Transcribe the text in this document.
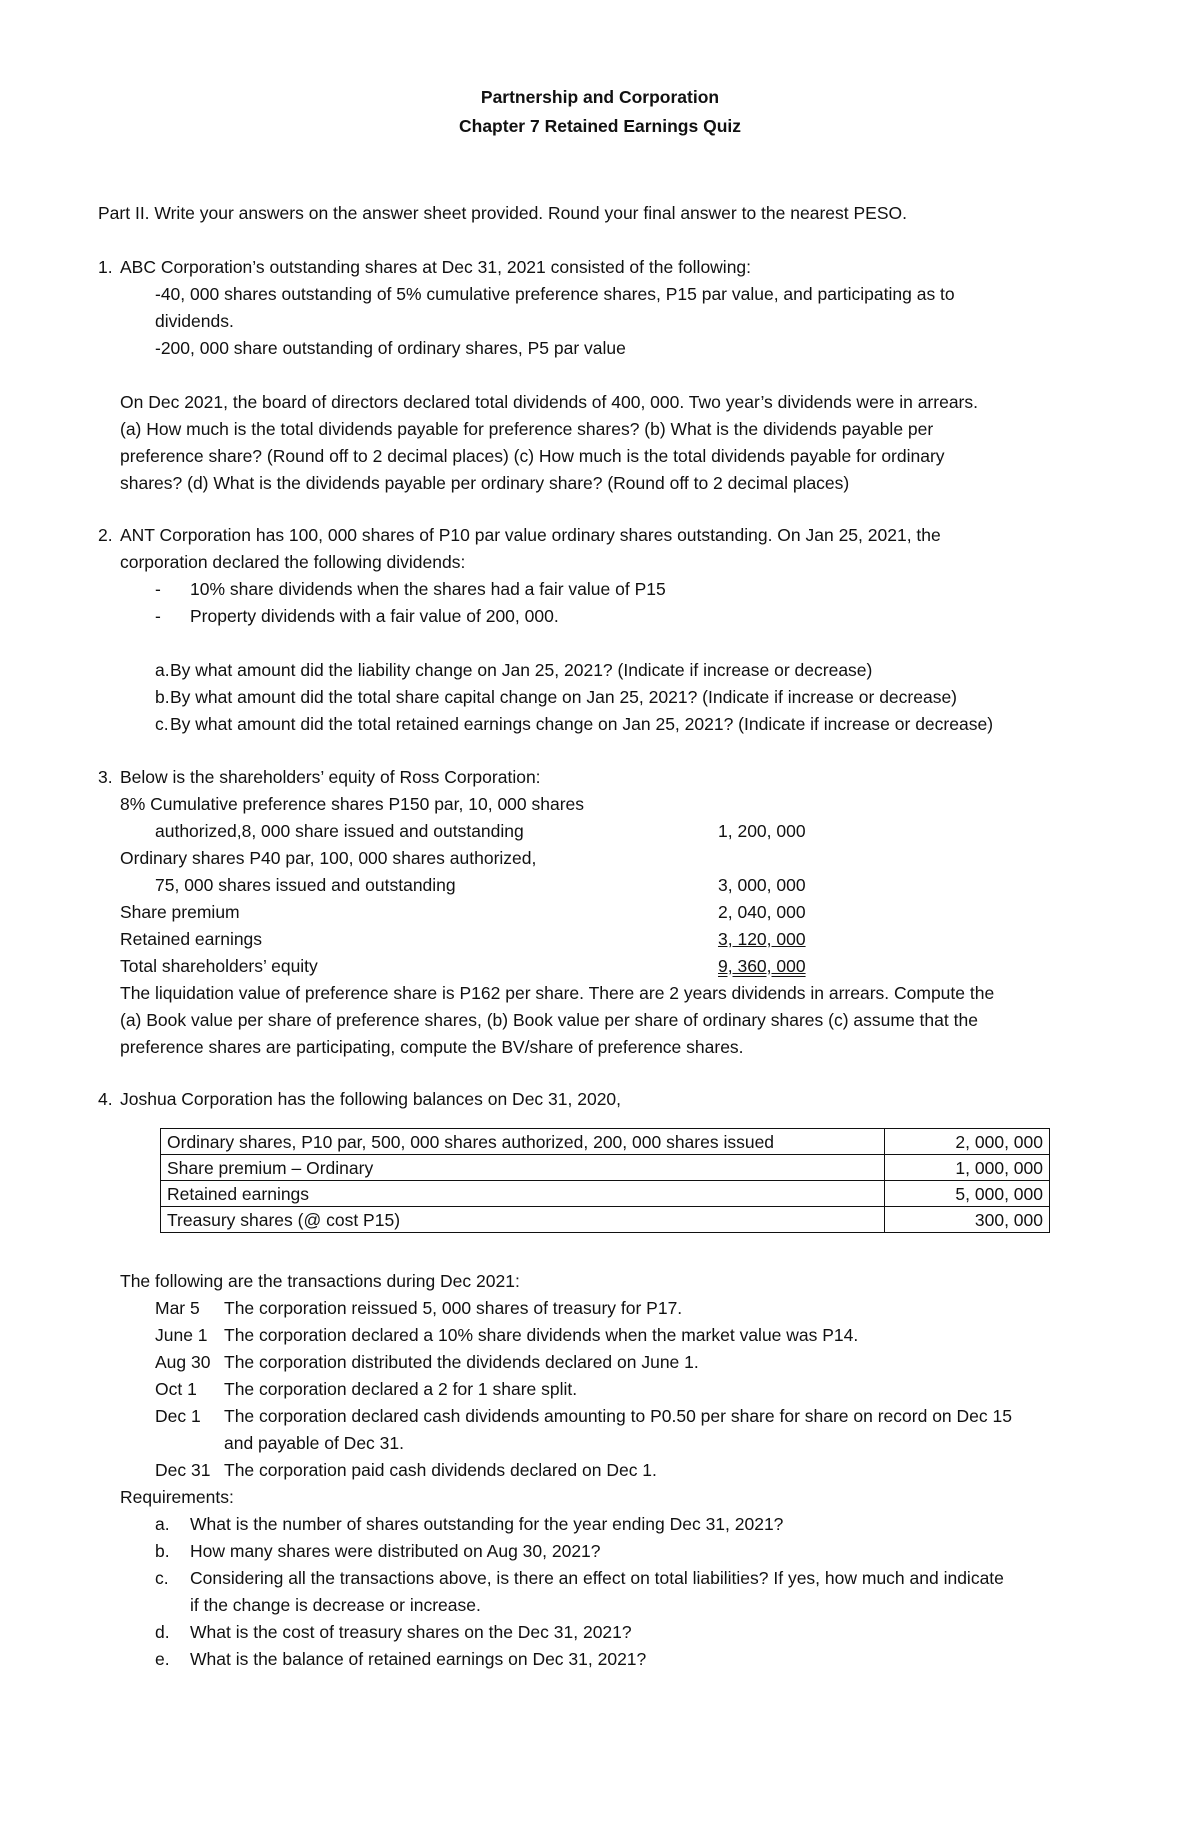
Partnership and Corporation
Chapter 7 Retained Earnings Quiz
Part II. Write your answers on the answer sheet provided. Round your final answer to the nearest PESO.
1. ABC Corporation’s outstanding shares at Dec 31, 2021 consisted of the following:
-40, 000 shares outstanding of 5% cumulative preference shares, P15 par value, and participating as to
dividends.
-200, 000 share outstanding of ordinary shares, P5 par value
On Dec 2021, the board of directors declared total dividends of 400, 000. Two year’s dividends were in arrears.
(a) How much is the total dividends payable for preference shares? (b) What is the dividends payable per
preference share? (Round off to 2 decimal places) (c) How much is the total dividends payable for ordinary
shares? (d) What is the dividends payable per ordinary share? (Round off to 2 decimal places)
2. ANT Corporation has 100, 000 shares of P10 par value ordinary shares outstanding. On Jan 25, 2021, the
corporation declared the following dividends:
- 10% share dividends when the shares had a fair value of P15
- Property dividends with a fair value of 200, 000.
a. By what amount did the liability change on Jan 25, 2021? (Indicate if increase or decrease)
b. By what amount did the total share capital change on Jan 25, 2021? (Indicate if increase or decrease)
c. By what amount did the total retained earnings change on Jan 25, 2021? (Indicate if increase or decrease)
3. Below is the shareholders’ equity of Ross Corporation:
8% Cumulative preference shares P150 par, 10, 000 shares
authorized,8, 000 share issued and outstanding	1, 200, 000
Ordinary shares P40 par, 100, 000 shares authorized,
75, 000 shares issued and outstanding	3, 000, 000
Share premium	2, 040, 000
Retained earnings	3, 120, 000
Total shareholders’ equity	9, 360, 000
The liquidation value of preference share is P162 per share. There are 2 years dividends in arrears. Compute the
(a) Book value per share of preference shares, (b) Book value per share of ordinary shares (c) assume that the
preference shares are participating, compute the BV/share of preference shares.
4. Joshua Corporation has the following balances on Dec 31, 2020,
Ordinary shares, P10 par, 500, 000 shares authorized, 200, 000 shares issued	2, 000, 000
Share premium – Ordinary	1, 000, 000
Retained earnings	5, 000, 000
Treasury shares (@ cost P15)	300, 000
The following are the transactions during Dec 2021:
Mar 5 The corporation reissued 5, 000 shares of treasury for P17.
June 1 The corporation declared a 10% share dividends when the market value was P14.
Aug 30 The corporation distributed the dividends declared on June 1.
Oct 1 The corporation declared a 2 for 1 share split.
Dec 1 The corporation declared cash dividends amounting to P0.50 per share for share on record on Dec 15
and payable of Dec 31.
Dec 31 The corporation paid cash dividends declared on Dec 1.
Requirements:
a. What is the number of shares outstanding for the year ending Dec 31, 2021?
b. How many shares were distributed on Aug 30, 2021?
c. Considering all the transactions above, is there an effect on total liabilities? If yes, how much and indicate
if the change is decrease or increase.
d. What is the cost of treasury shares on the Dec 31, 2021?
e. What is the balance of retained earnings on Dec 31, 2021?
